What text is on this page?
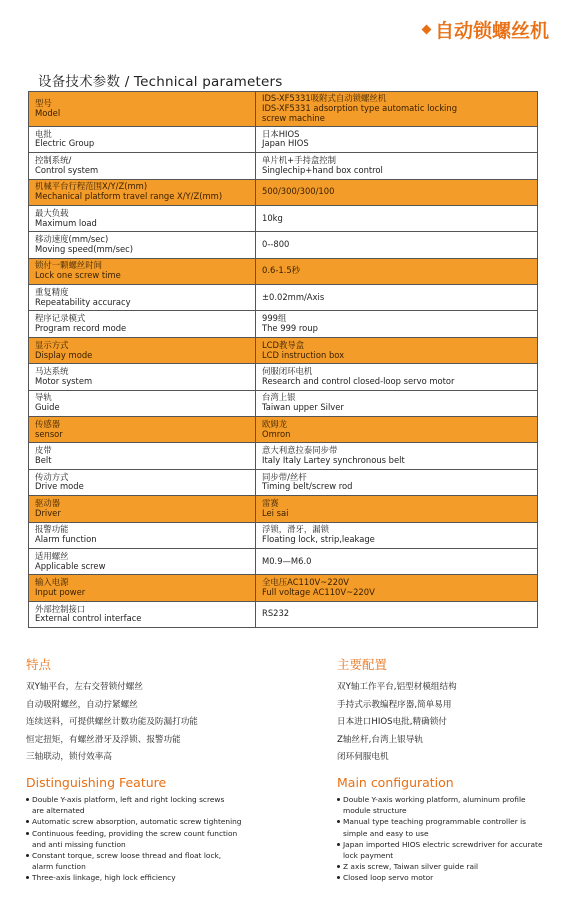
自动锁螺丝机
设备技术参数 / Technical parameters
型号
Model	IDS-XF5331吸附式自动锁螺丝机
IDS-XF5331 adsorption type automatic locking
screw machine

电批
Electric Group	日本HIOS
Japan HIOS

控制系统/
Control system	单片机+手持盒控制
Singlechip+hand box control

机械平台行程范围X/Y/Z(mm)
Mechanical platform travel range X/Y/Z(mm)	500/300/300/100

最大负载
Maximum load	10kg

移动速度(mm/sec)
Moving speed(mm/sec)	0--800

锁付一颗螺丝时间
Lock one screw time	0.6-1.5秒

重复精度
Repeatability accuracy	±0.02mm/Axis

程序记录模式
Program record mode	999组
The 999 roup

显示方式
Display mode	LCD教导盒
LCD instruction box

马达系统
Motor system	伺服闭环电机
Research and control closed-loop servo motor

导轨
Guide	台湾上银
Taiwan upper Silver

传感器
sensor	欧姆龙
Omron

皮带
Belt	意大利意拉泰同步带
Italy Italy Lartey synchronous belt

传动方式
Drive mode	同步带/丝杆
Timing belt/screw rod

驱动器
Driver	雷赛
Lei sai

报警功能
Alarm function	浮锁，滑牙，漏锁
Floating lock, strip,leakage

适用螺丝
Applicable screw	M0.9—M6.0

输入电源
Input power	全电压AC110V~220V
Full voltage AC110V~220V

外部控制接口
External control interface	RS232
特点
双Y轴平台，左右交替锁付螺丝
自动吸附螺丝，自动拧紧螺丝
连续送料，可提供螺丝计数功能及防漏打功能
恒定扭矩，有螺丝滑牙及浮锁、报警功能
三轴联动，锁付效率高
Distinguishing Feature
Double Y-axis platform, left and right locking screws
are alternated
Automatic screw absorption, automatic screw tightening
Continuous feeding, providing the screw count function
and anti missing function
Constant torque, screw loose thread and float lock,
alarm function
Three-axis linkage, high lock efficiency
主要配置
双Y轴工作平台,铝型材模组结构
手持式示教编程序器,简单易用
日本进口HIOS电批,精确锁付
Z轴丝杆,台湾上银导轨
闭环伺服电机
Main configuration
Double Y-axis working platform, aluminum profile
module structure
Manual type teaching programmable controller is
simple and easy to use
Japan imported HIOS electric screwdriver for accurate
lock payment
Z axis screw, Taiwan silver guide rail
Closed loop servo motor
